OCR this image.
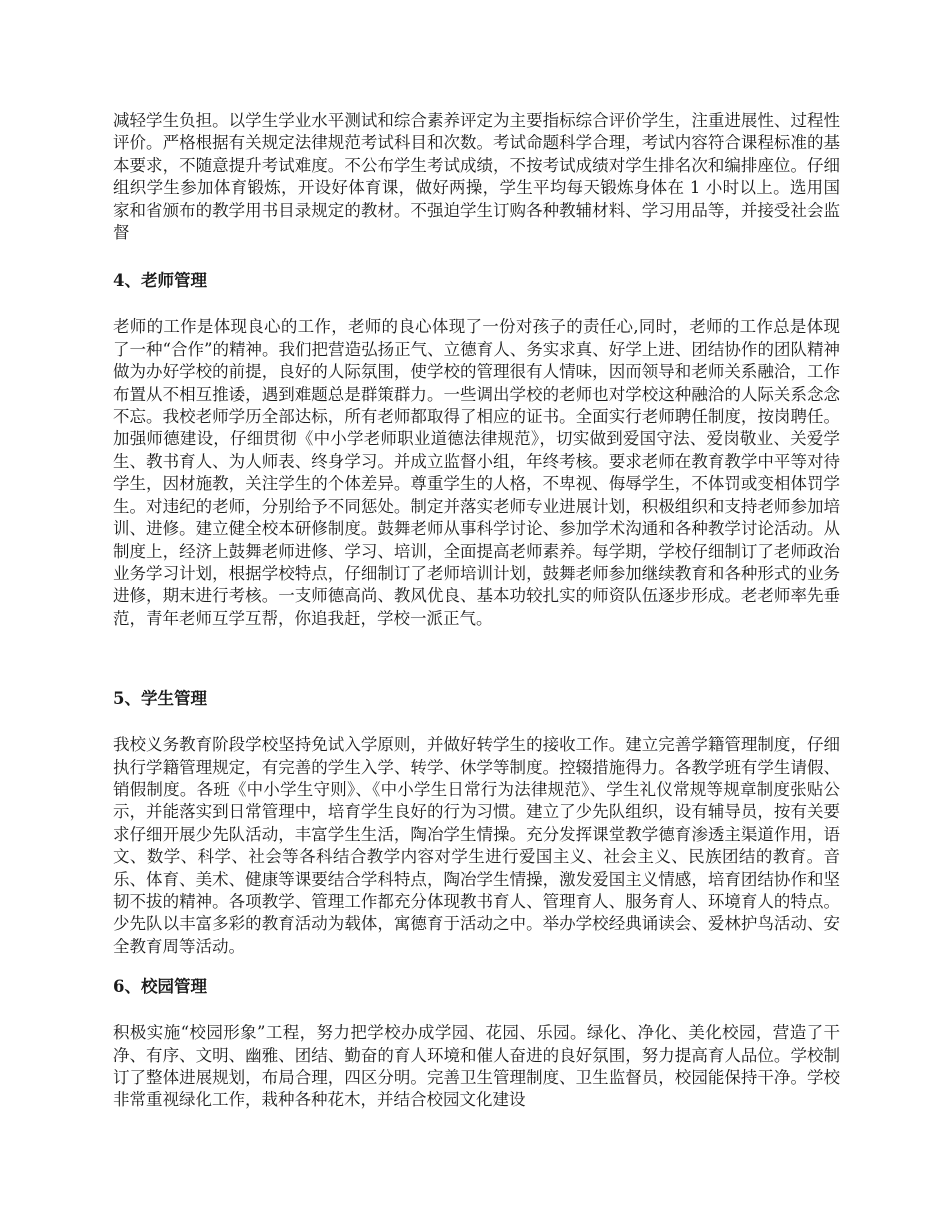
减轻学生负担。以学生学业水平测试和综合素养评定为主要指标综合评价学生，注重进展性、过程性评价。严格根据有关规定法律规范考试科目和次数。考试命题科学合理，考试内容符合课程标准的基本要求，不随意提升考试难度。不公布学生考试成绩，不按考试成绩对学生排名次和编排座位。仔细组织学生参加体育锻炼，开设好体育课，做好两操，学生平均每天锻炼身体在 1 小时以上。选用国家和省颁布的教学用书目录规定的教材。不强迫学生订购各种教辅材料、学习用品等，并接受社会监督

4、老师管理

老师的工作是体现良心的工作，老师的良心体现了一份对孩子的责任心,同时，老师的工作总是体现了一种“合作”的精神。我们把营造弘扬正气、立德育人、务实求真、好学上进、团结协作的团队精神做为办好学校的前提，良好的人际氛围，使学校的管理很有人情味，因而领导和老师关系融洽，工作布置从不相互推诿，遇到难题总是群策群力。一些调出学校的老师也对学校这种融洽的人际关系念念不忘。我校老师学历全部达标，所有老师都取得了相应的证书。全面实行老师聘任制度，按岗聘任。加强师德建设，仔细贯彻《中小学老师职业道德法律规范》，切实做到爱国守法、爱岗敬业、关爱学生、教书育人、为人师表、终身学习。并成立监督小组，年终考核。要求老师在教育教学中平等对待学生，因材施教，关注学生的个体差异。尊重学生的人格，不卑视、侮辱学生，不体罚或变相体罚学生。对违纪的老师，分别给予不同惩处。制定并落实老师专业进展计划，积极组织和支持老师参加培训、进修。建立健全校本研修制度。鼓舞老师从事科学讨论、参加学术沟通和各种教学讨论活动。从制度上，经济上鼓舞老师进修、学习、培训，全面提高老师素养。每学期，学校仔细制订了老师政治业务学习计划，根据学校特点，仔细制订了老师培训计划，鼓舞老师参加继续教育和各种形式的业务进修，期末进行考核。一支师德高尚、教风优良、基本功较扎实的师资队伍逐步形成。老老师率先垂范，青年老师互学互帮，你追我赶，学校一派正气。

5、学生管理

我校义务教育阶段学校坚持免试入学原则，并做好转学生的接收工作。建立完善学籍管理制度，仔细执行学籍管理规定，有完善的学生入学、转学、休学等制度。控辍措施得力。各教学班有学生请假、销假制度。各班《中小学生守则》、《中小学生日常行为法律规范》、学生礼仪常规等规章制度张贴公示，并能落实到日常管理中，培育学生良好的行为习惯。建立了少先队组织，设有辅导员，按有关要求仔细开展少先队活动，丰富学生生活，陶冶学生情操。充分发挥课堂教学德育渗透主渠道作用，语文、数学、科学、社会等各科结合教学内容对学生进行爱国主义、社会主义、民族团结的教育。音乐、体育、美术、健康等课要结合学科特点，陶冶学生情操，激发爱国主义情感，培育团结协作和坚韧不拔的精神。各项教学、管理工作都充分体现教书育人、管理育人、服务育人、环境育人的特点。少先队以丰富多彩的教育活动为载体，寓德育于活动之中。举办学校经典诵读会、爱林护鸟活动、安全教育周等活动。

6、校园管理

积极实施“校园形象”工程，努力把学校办成学园、花园、乐园。绿化、净化、美化校园，营造了干净、有序、文明、幽雅、团结、勤奋的育人环境和催人奋进的良好氛围，努力提高育人品位。学校制订了整体进展规划，布局合理，四区分明。完善卫生管理制度、卫生监督员，校园能保持干净。学校非常重视绿化工作，栽种各种花木，并结合校园文化建设
